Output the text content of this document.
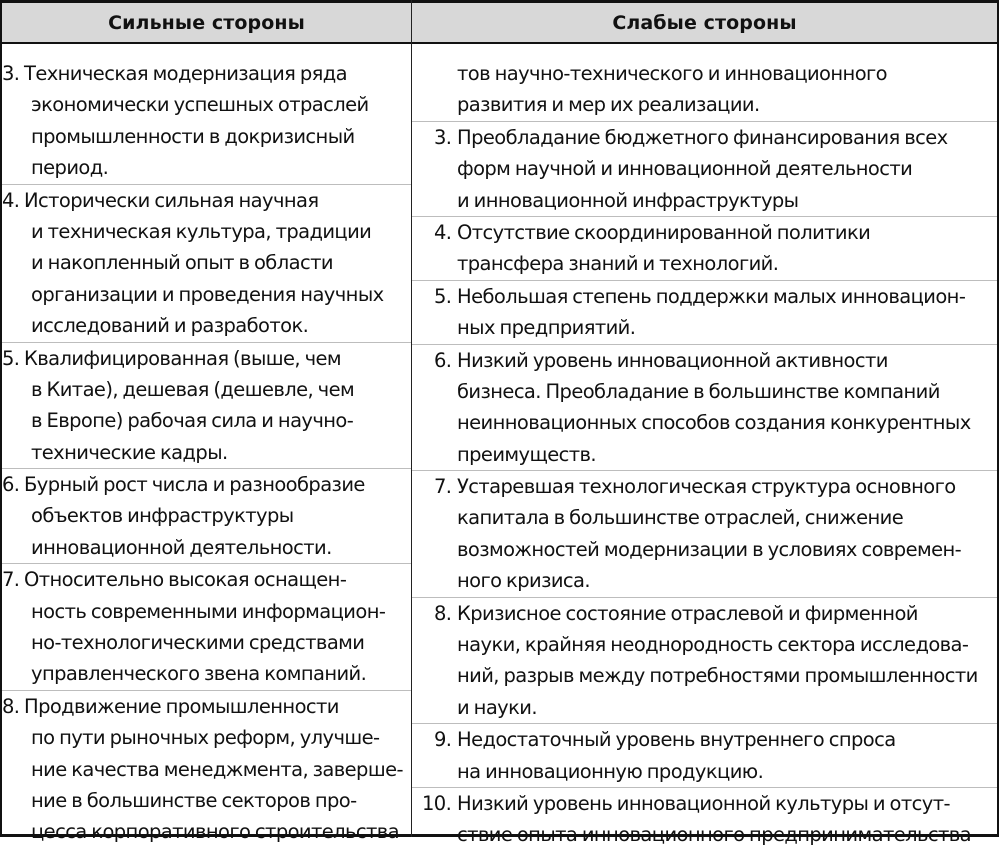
Сильные стороны	Слабые стороны
3. Техническая модернизация ряда
экономически успешных отраслей
промышленности в докризисный
период.
4. Исторически сильная научная
и техническая культура, традиции
и накопленный опыт в области
организации и проведения научных
исследований и разработок.
5. Квалифицированная (выше, чем
в Китае), дешевая (дешевле, чем
в Европе) рабочая сила и научно-
технические кадры.
6. Бурный рост числа и разнообразие
объектов инфраструктуры
инновационной деятельности.
7. Относительно высокая оснащен-
ность современными информацион-
но-технологическими средствами
управленческого звена компаний.
8. Продвижение промышленности
по пути рыночных реформ, улучше-
ние качества менеджмента, заверше-
ние в большинстве секторов про-
цесса корпоративного строительства
тов научно-технического и инновационного
развития и мер их реализации.
3. Преобладание бюджетного финансирования всех
форм научной и инновационной деятельности
и инновационной инфраструктуры
4. Отсутствие скоординированной политики
трансфера знаний и технологий.
5. Небольшая степень поддержки малых инновацион-
ных предприятий.
6. Низкий уровень инновационной активности
бизнеса. Преобладание в большинстве компаний
неинновационных способов создания конкурентных
преимуществ.
7. Устаревшая технологическая структура основного
капитала в большинстве отраслей, снижение
возможностей модернизации в условиях современ-
ного кризиса.
8. Кризисное состояние отраслевой и фирменной
науки, крайняя неоднородность сектора исследова-
ний, разрыв между потребностями промышленности
и науки.
9. Недостаточный уровень внутреннего спроса
на инновационную продукцию.
10. Низкий уровень инновационной культуры и отсут-
ствие опыта инновационного предпринимательства
